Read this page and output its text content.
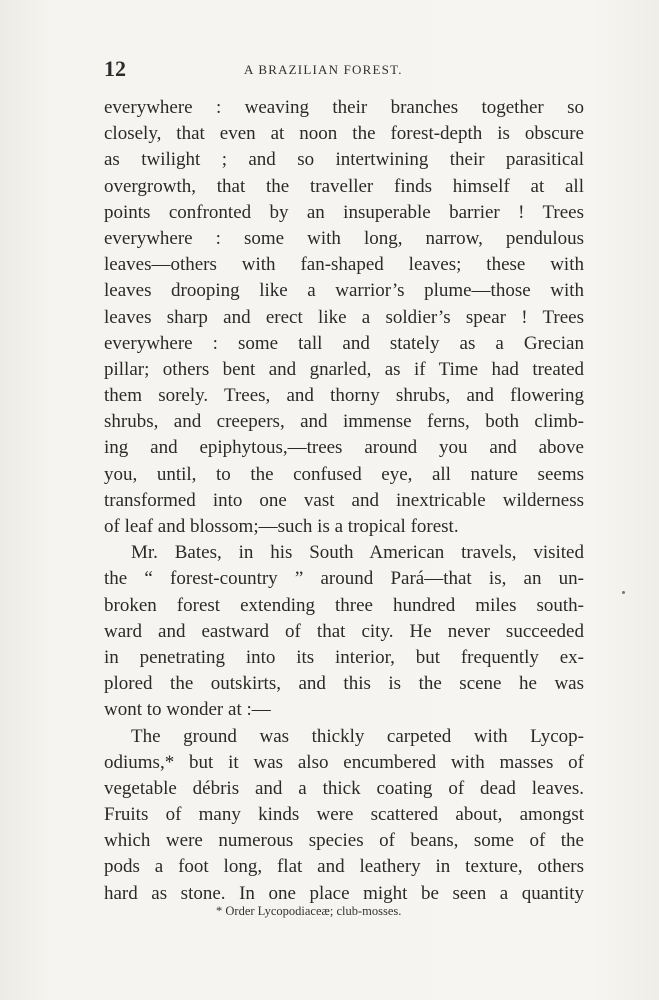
12	A BRAZILIAN FOREST.
everywhere : weaving their branches together so
closely, that even at noon the forest-depth is obscure
as twilight ; and so intertwining their parasitical
overgrowth, that the traveller finds himself at all
points confronted by an insuperable barrier ! Trees
everywhere : some with long, narrow, pendulous
leaves—others with fan-shaped leaves; these with
leaves drooping like a warrior’s plume—those with
leaves sharp and erect like a soldier’s spear ! Trees
everywhere : some tall and stately as a Grecian
pillar; others bent and gnarled, as if Time had treated
them sorely. Trees, and thorny shrubs, and flowering
shrubs, and creepers, and immense ferns, both climb-
ing and epiphytous,—trees around you and above
you, until, to the confused eye, all nature seems
transformed into one vast and inextricable wilderness
of leaf and blossom;—such is a tropical forest.
Mr. Bates, in his South American travels, visited
the “ forest-country ” around Pará—that is, an un-
broken forest extending three hundred miles south-
ward and eastward of that city. He never succeeded
in penetrating into its interior, but frequently ex-
plored the outskirts, and this is the scene he was
wont to wonder at :—
The ground was thickly carpeted with Lycop-
odiums,* but it was also encumbered with masses of
vegetable débris and a thick coating of dead leaves.
Fruits of many kinds were scattered about, amongst
which were numerous species of beans, some of the
pods a foot long, flat and leathery in texture, others
hard as stone. In one place might be seen a quantity
* Order Lycopodiaceæ; club-mosses.
